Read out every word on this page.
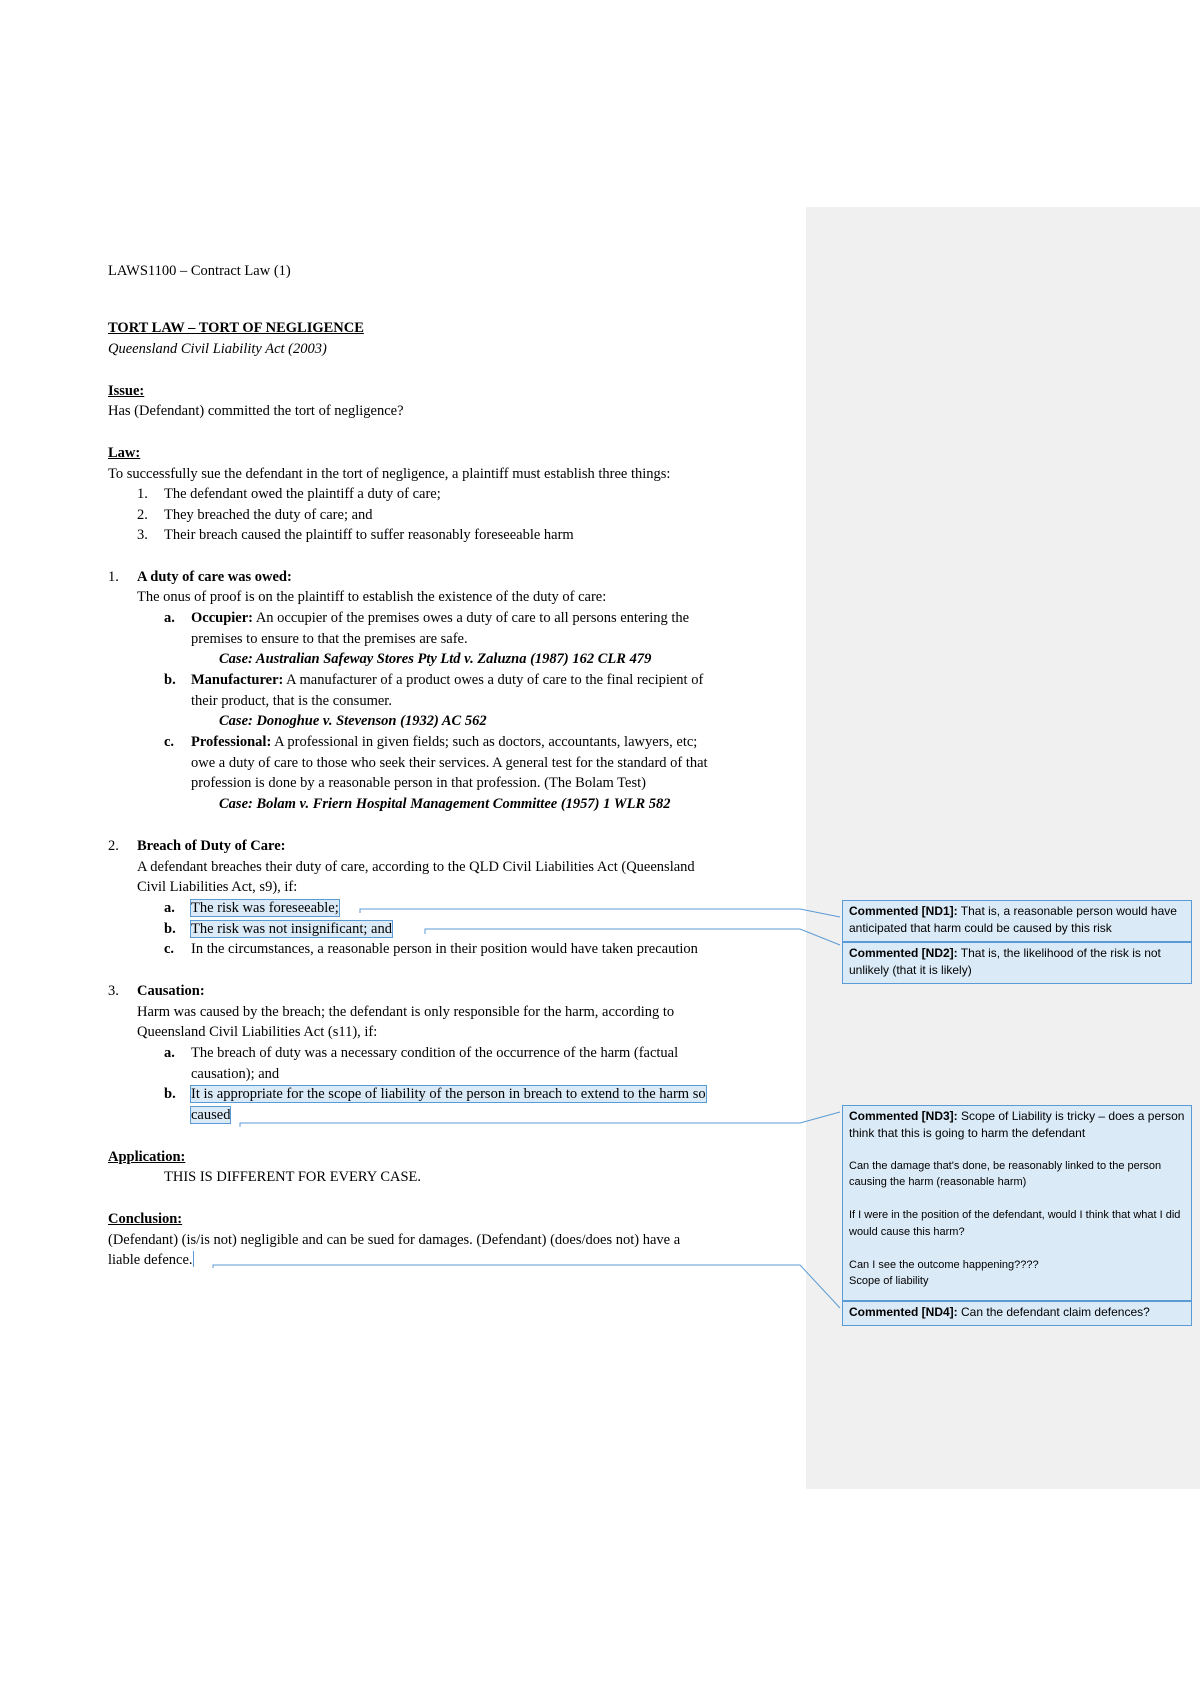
LAWS1100 – Contract Law (1)
TORT LAW – TORT OF NEGLIGENCE
Queensland Civil Liability Act (2003)
Issue:
Has (Defendant) committed the tort of negligence?
Law:
To successfully sue the defendant in the tort of negligence, a plaintiff must establish three things:
1. The defendant owed the plaintiff a duty of care;
2. They breached the duty of care; and
3. Their breach caused the plaintiff to suffer reasonably foreseeable harm
1. A duty of care was owed:
The onus of proof is on the plaintiff to establish the existence of the duty of care:
a. Occupier: An occupier of the premises owes a duty of care to all persons entering the
premises to ensure to that the premises are safe.
Case: Australian Safeway Stores Pty Ltd v. Zaluzna (1987) 162 CLR 479
b. Manufacturer: A manufacturer of a product owes a duty of care to the final recipient of
their product, that is the consumer.
Case: Donoghue v. Stevenson (1932) AC 562
c. Professional: A professional in given fields; such as doctors, accountants, lawyers, etc;
owe a duty of care to those who seek their services. A general test for the standard of that
profession is done by a reasonable person in that profession. (The Bolam Test)
Case: Bolam v. Friern Hospital Management Committee (1957) 1 WLR 582
2. Breach of Duty of Care:
A defendant breaches their duty of care, according to the QLD Civil Liabilities Act (Queensland
Civil Liabilities Act, s9), if:
a. The risk was foreseeable;
b. The risk was not insignificant; and
c. In the circumstances, a reasonable person in their position would have taken precaution
3. Causation:
Harm was caused by the breach; the defendant is only responsible for the harm, according to
Queensland Civil Liabilities Act (s11), if:
a. The breach of duty was a necessary condition of the occurrence of the harm (factual
causation); and
b. It is appropriate for the scope of liability of the person in breach to extend to the harm so
caused
Application:
THIS IS DIFFERENT FOR EVERY CASE.
Conclusion:
(Defendant) (is/is not) negligible and can be sued for damages. (Defendant) (does/does not) have a
liable defence.

Commented [ND1]: That is, a reasonable person would have anticipated that harm could be caused by this risk

Commented [ND2]: That is, the likelihood of the risk is not unlikely (that it is likely)

Commented [ND3]: Scope of Liability is tricky – does a person think that this is going to harm the defendant

Can the damage that's done, be reasonably linked to the person causing the harm (reasonable harm)

If I were in the position of the defendant, would I think that what I did would cause this harm?

Can I see the outcome happening????

Scope of liability

Commented [ND4]: Can the defendant claim defences?
